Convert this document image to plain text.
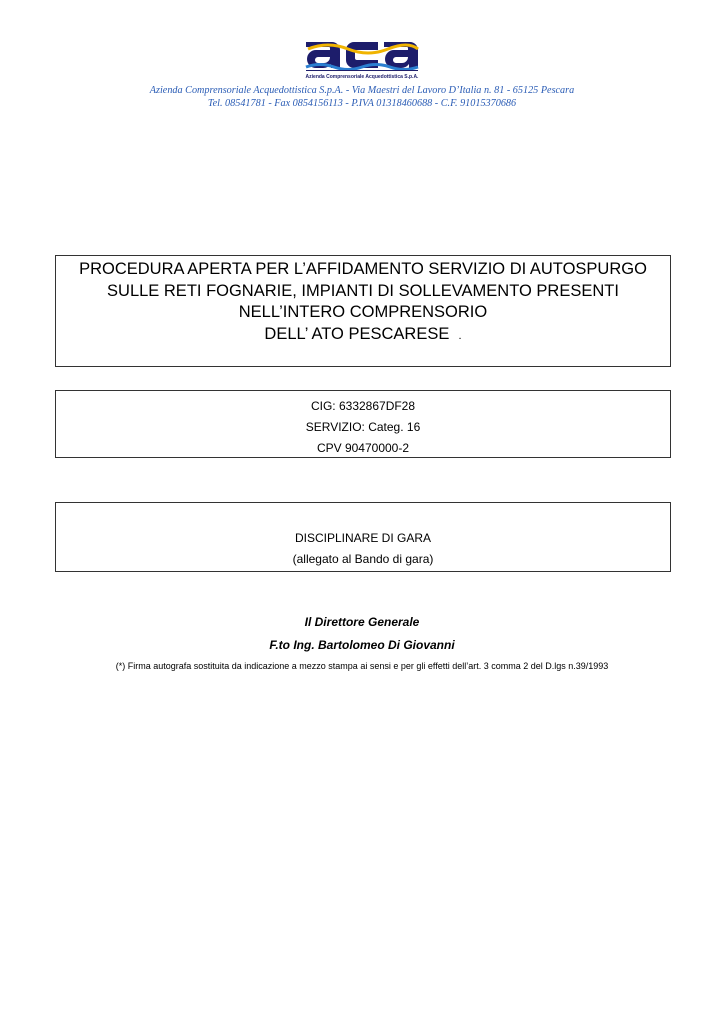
Azienda Comprensoriale Acquedottistica S.p.A.
Azienda Comprensoriale Acquedottistica S.p.A. - Via Maestri del Lavoro D’Italia n. 81 - 65125 Pescara
Tel. 08541781 - Fax 0854156113 - P.IVA 01318460688 - C.F. 91015370686
PROCEDURA APERTA PER L’AFFIDAMENTO SERVIZIO DI AUTOSPURGO
SULLE RETI FOGNARIE, IMPIANTI DI SOLLEVAMENTO PRESENTI
NELL’INTERO COMPRENSORIO
DELL’ ATO PESCARESE .
CIG: 6332867DF28
SERVIZIO: Categ. 16
CPV 90470000-2
DISCIPLINARE DI GARA
(allegato al Bando di gara)
Il Direttore Generale
F.to Ing. Bartolomeo Di Giovanni
(*) Firma autografa sostituita da indicazione a mezzo stampa ai sensi e per gli effetti dell’art. 3 comma 2 del D.lgs n.39/1993
